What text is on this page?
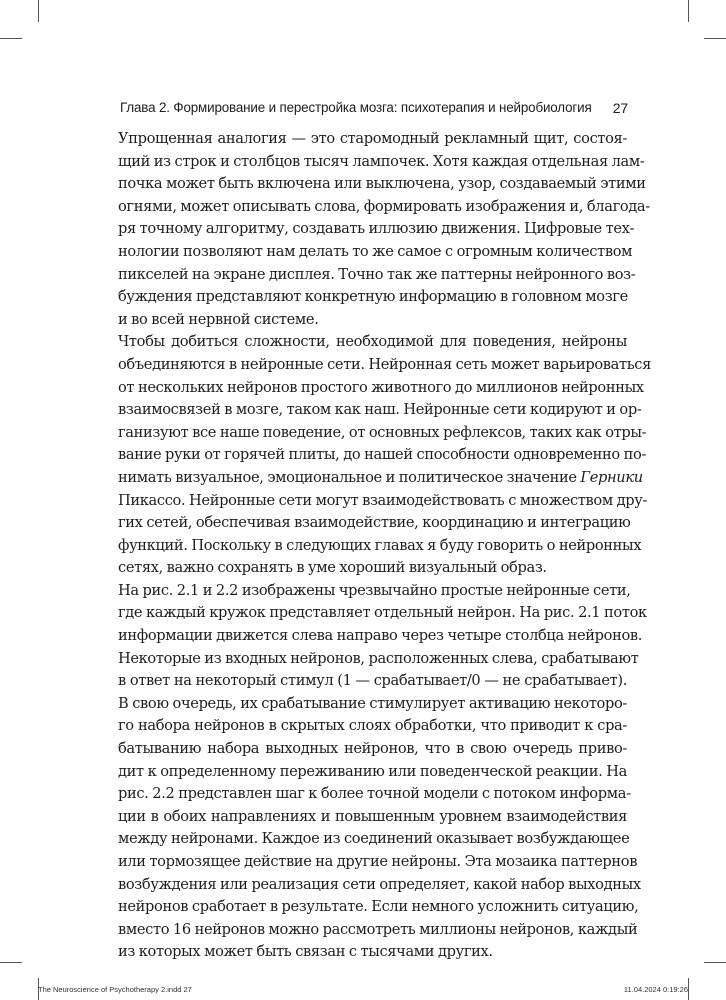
Глава 2. Формирование и перестройка мозга: психотерапия и нейробиология 27
Упрощенная аналогия — это старомодный рекламный щит, состоя-
щий из строк и столбцов тысяч лампочек. Хотя каждая отдельная лам-
почка может быть включена или выключена, узор, создаваемый этими
огнями, может описывать слова, формировать изображения и, благода-
ря точному алгоритму, создавать иллюзию движения. Цифровые тех-
нологии позволяют нам делать то же самое с огромным количеством
пикселей на экране дисплея. Точно так же паттерны нейронного воз-
буждения представляют конкретную информацию в головном мозге
и во всей нервной системе.
Чтобы добиться сложности, необходимой для поведения, нейроны
объединяются в нейронные сети. Нейронная сеть может варьироваться
от нескольких нейронов простого животного до миллионов нейронных
взаимосвязей в мозге, таком как наш. Нейронные сети кодируют и ор-
ганизуют все наше поведение, от основных рефлексов, таких как отры-
вание руки от горячей плиты, до нашей способности одновременно по-
нимать визуальное, эмоциональное и политическое значение Герники
Пикассо. Нейронные сети могут взаимодействовать с множеством дру-
гих сетей, обеспечивая взаимодействие, координацию и интеграцию
функций. Поскольку в следующих главах я буду говорить о нейронных
сетях, важно сохранять в уме хороший визуальный образ.
На рис. 2.1 и 2.2 изображены чрезвычайно простые нейронные сети,
где каждый кружок представляет отдельный нейрон. На рис. 2.1 поток
информации движется слева направо через четыре столбца нейронов.
Некоторые из входных нейронов, расположенных слева, срабатывают
в ответ на некоторый стимул (1 — срабатывает/0 — не срабатывает).
В свою очередь, их срабатывание стимулирует активацию некоторо-
го набора нейронов в скрытых слоях обработки, что приводит к сра-
батыванию набора выходных нейронов, что в свою очередь приво-
дит к определенному переживанию или поведенческой реакции. На
рис. 2.2 представлен шаг к более точной модели с потоком информа-
ции в обоих направлениях и повышенным уровнем взаимодействия
между нейронами. Каждое из соединений оказывает возбуждающее
или тормозящее действие на другие нейроны. Эта мозаика паттернов
возбуждения или реализация сети определяет, какой набор выходных
нейронов сработает в результате. Если немного усложнить ситуацию,
вместо 16 нейронов можно рассмотреть миллионы нейронов, каждый
из которых может быть связан с тысячами других.
The Neuroscience of Psychotherapy 2.indd 27	11.04.2024 0:19:26
